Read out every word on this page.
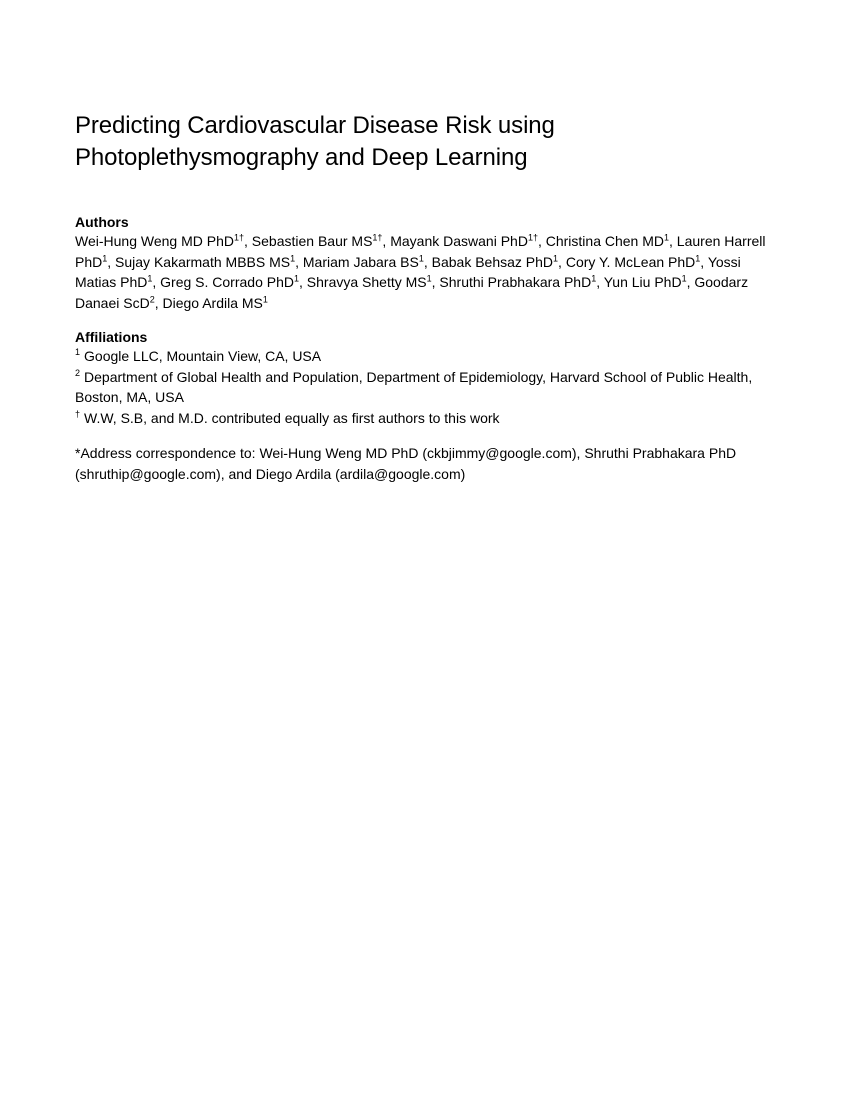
Predicting Cardiovascular Disease Risk using
Photoplethysmography and Deep Learning
Authors

Wei-Hung Weng MD PhD$^{1\dagger}$, Sebastien Baur $MS^{1\dagger}$, Mayank Daswani PhD$^{1\dagger}$, Christina Chen $MD^1$, Lauren Harrell PhD$^1$, Sujay Kakarmath MBBS $MS^1$, Mariam Jabara $BS^1$, Babak Behsaz PhD$^1$, Cory Y. McLean PhD$^1$, Yossi Matias PhD$^1$, Greg S. Corrado PhD$^1$, Shravya Shetty $MS^1$, Shruthi Prabhakara PhD$^1$, Yun Liu PhD$^1$, Goodarz Danaei ScD$^2$, Diego Ardila $MS^1$

Affiliations

$^1$ Google LLC, Mountain View, CA, USA

$^2$ Department of Global Health and Population, Department of Epidemiology, Harvard School of Public Health, Boston, MA, USA

† W.W, S.B, and M.D. contributed equally as first authors to this work

*Address correspondence to: Wei-Hung Weng MD PhD (ckbjimmy@google.com), Shruthi Prabhakara PhD (shruthip@google.com), and Diego Ardila (ardila@google.com)
